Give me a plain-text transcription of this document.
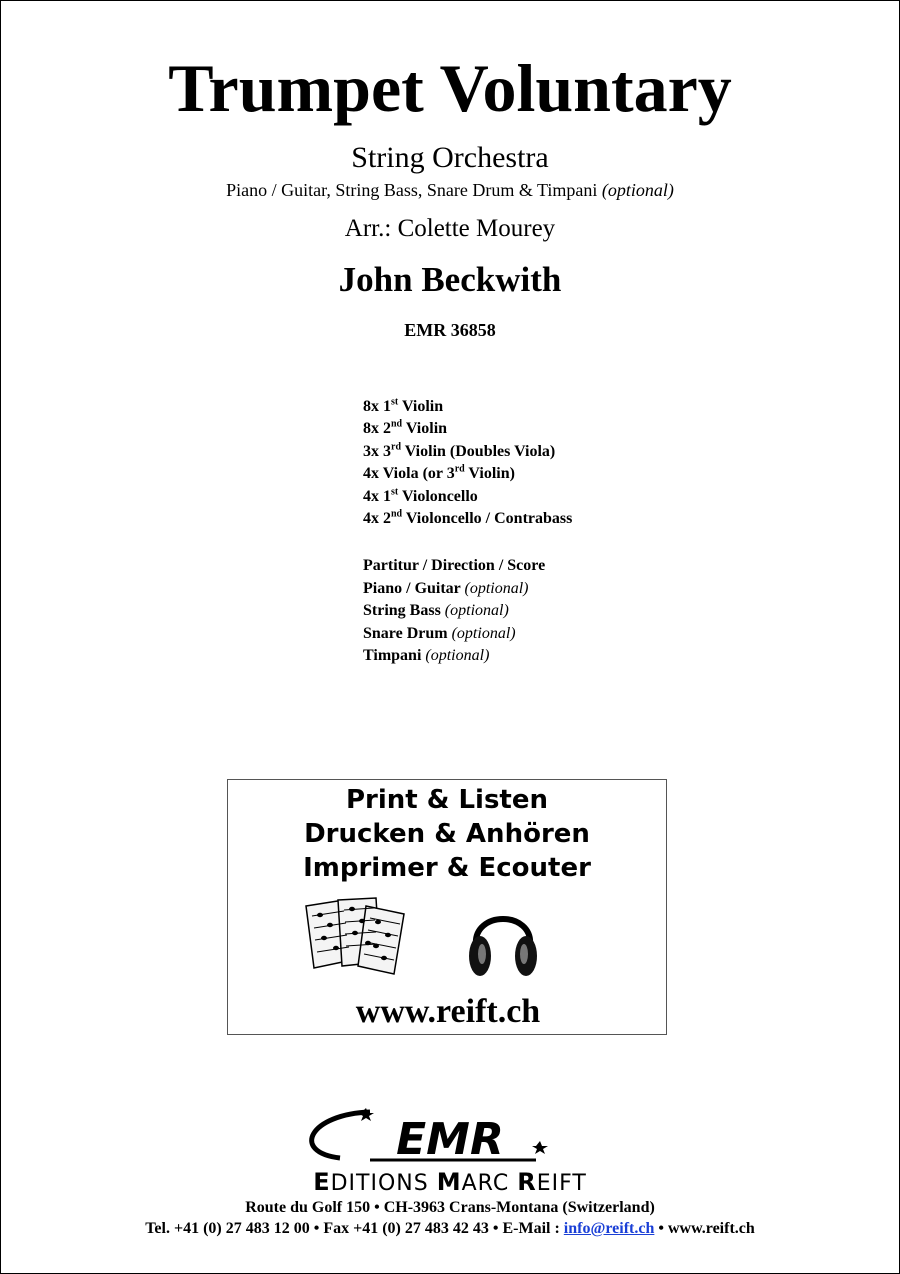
Trumpet Voluntary
String Orchestra
Piano / Guitar, String Bass, Snare Drum & Timpani (optional)
Arr.: Colette Mourey
John Beckwith
EMR 36858
8x 1st Violin
8x 2nd Violin
3x 3rd Violin (Doubles Viola)
4x Viola (or 3rd Violin)
4x 1st Violoncello
4x 2nd Violoncello / Contrabass
Partitur / Direction / Score
Piano / Guitar (optional)
String Bass (optional)
Snare Drum (optional)
Timpani (optional)
Print & Listen
Drucken & Anhören
Imprimer & Ecouter
www.reift.ch
EMR
EDITIONS MARC REIFT
Route du Golf 150 • CH-3963 Crans-Montana (Switzerland)
Tel. +41 (0) 27 483 12 00 • Fax +41 (0) 27 483 42 43 • E-Mail : info@reift.ch • www.reift.ch
